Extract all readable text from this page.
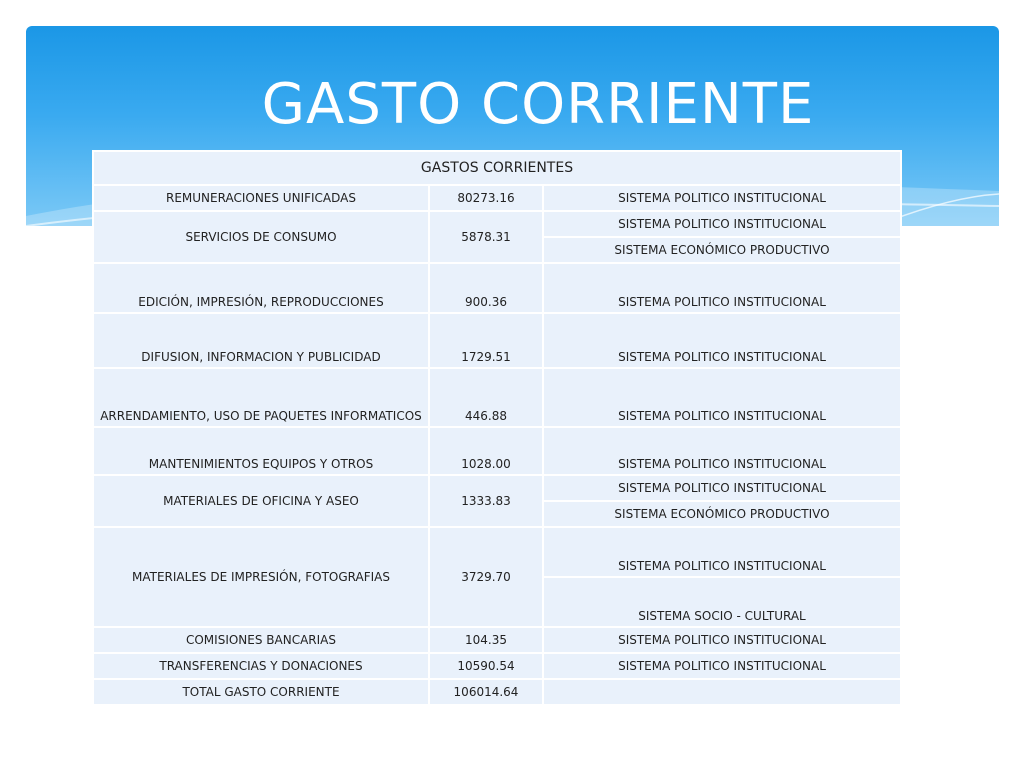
GASTO CORRIENTE
GASTOS CORRIENTES		
REMUNERACIONES UNIFICADAS	80273.16	SISTEMA POLITICO INSTITUCIONAL
SERVICIOS DE CONSUMO	5878.31	SISTEMA POLITICO INSTITUCIONAL
		SISTEMA ECONÓMICO PRODUCTIVO
EDICIÓN, IMPRESIÓN, REPRODUCCIONES	900.36	SISTEMA POLITICO INSTITUCIONAL
DIFUSION, INFORMACION Y PUBLICIDAD	1729.51	SISTEMA POLITICO INSTITUCIONAL
ARRENDAMIENTO, USO DE PAQUETES INFORMATICOS	446.88	SISTEMA POLITICO INSTITUCIONAL
MANTENIMIENTOS EQUIPOS Y OTROS	1028.00	SISTEMA POLITICO INSTITUCIONAL
MATERIALES DE OFICINA Y ASEO	1333.83	SISTEMA POLITICO INSTITUCIONAL
		SISTEMA ECONÓMICO PRODUCTIVO
MATERIALES DE IMPRESIÓN, FOTOGRAFIAS	3729.70	SISTEMA POLITICO INSTITUCIONAL
		SISTEMA SOCIO - CULTURAL
COMISIONES BANCARIAS	104.35	SISTEMA POLITICO INSTITUCIONAL
TRANSFERENCIAS Y DONACIONES	10590.54	SISTEMA POLITICO INSTITUCIONAL
TOTAL GASTO CORRIENTE	106014.64	
